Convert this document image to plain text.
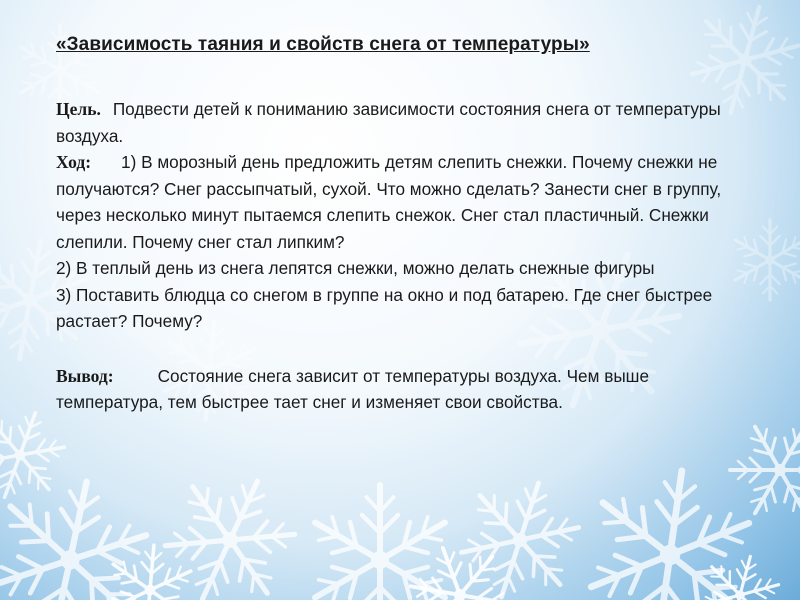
«Зависимость таяния и свойств снега от температуры»

Цель. Подвести детей к пониманию зависимости состояния снега от температуры воздуха.
Ход: 1) В морозный день предложить детям слепить снежки. Почему снежки не получаются? Снег рассыпчатый, сухой. Что можно сделать? Занести снег в группу, через несколько минут пытаемся слепить снежок. Снег стал пластичный. Снежки слепили. Почему снег стал липким?
2) В теплый день из снега лепятся снежки, можно делать снежные фигуры
3) Поставить блюдца со снегом в группе на окно и под батарею. Где снег быстрее растает? Почему?
Вывод:	Состояние снега зависит от температуры воздуха. Чем выше температура, тем быстрее тает снег и изменяет свои свойства.
